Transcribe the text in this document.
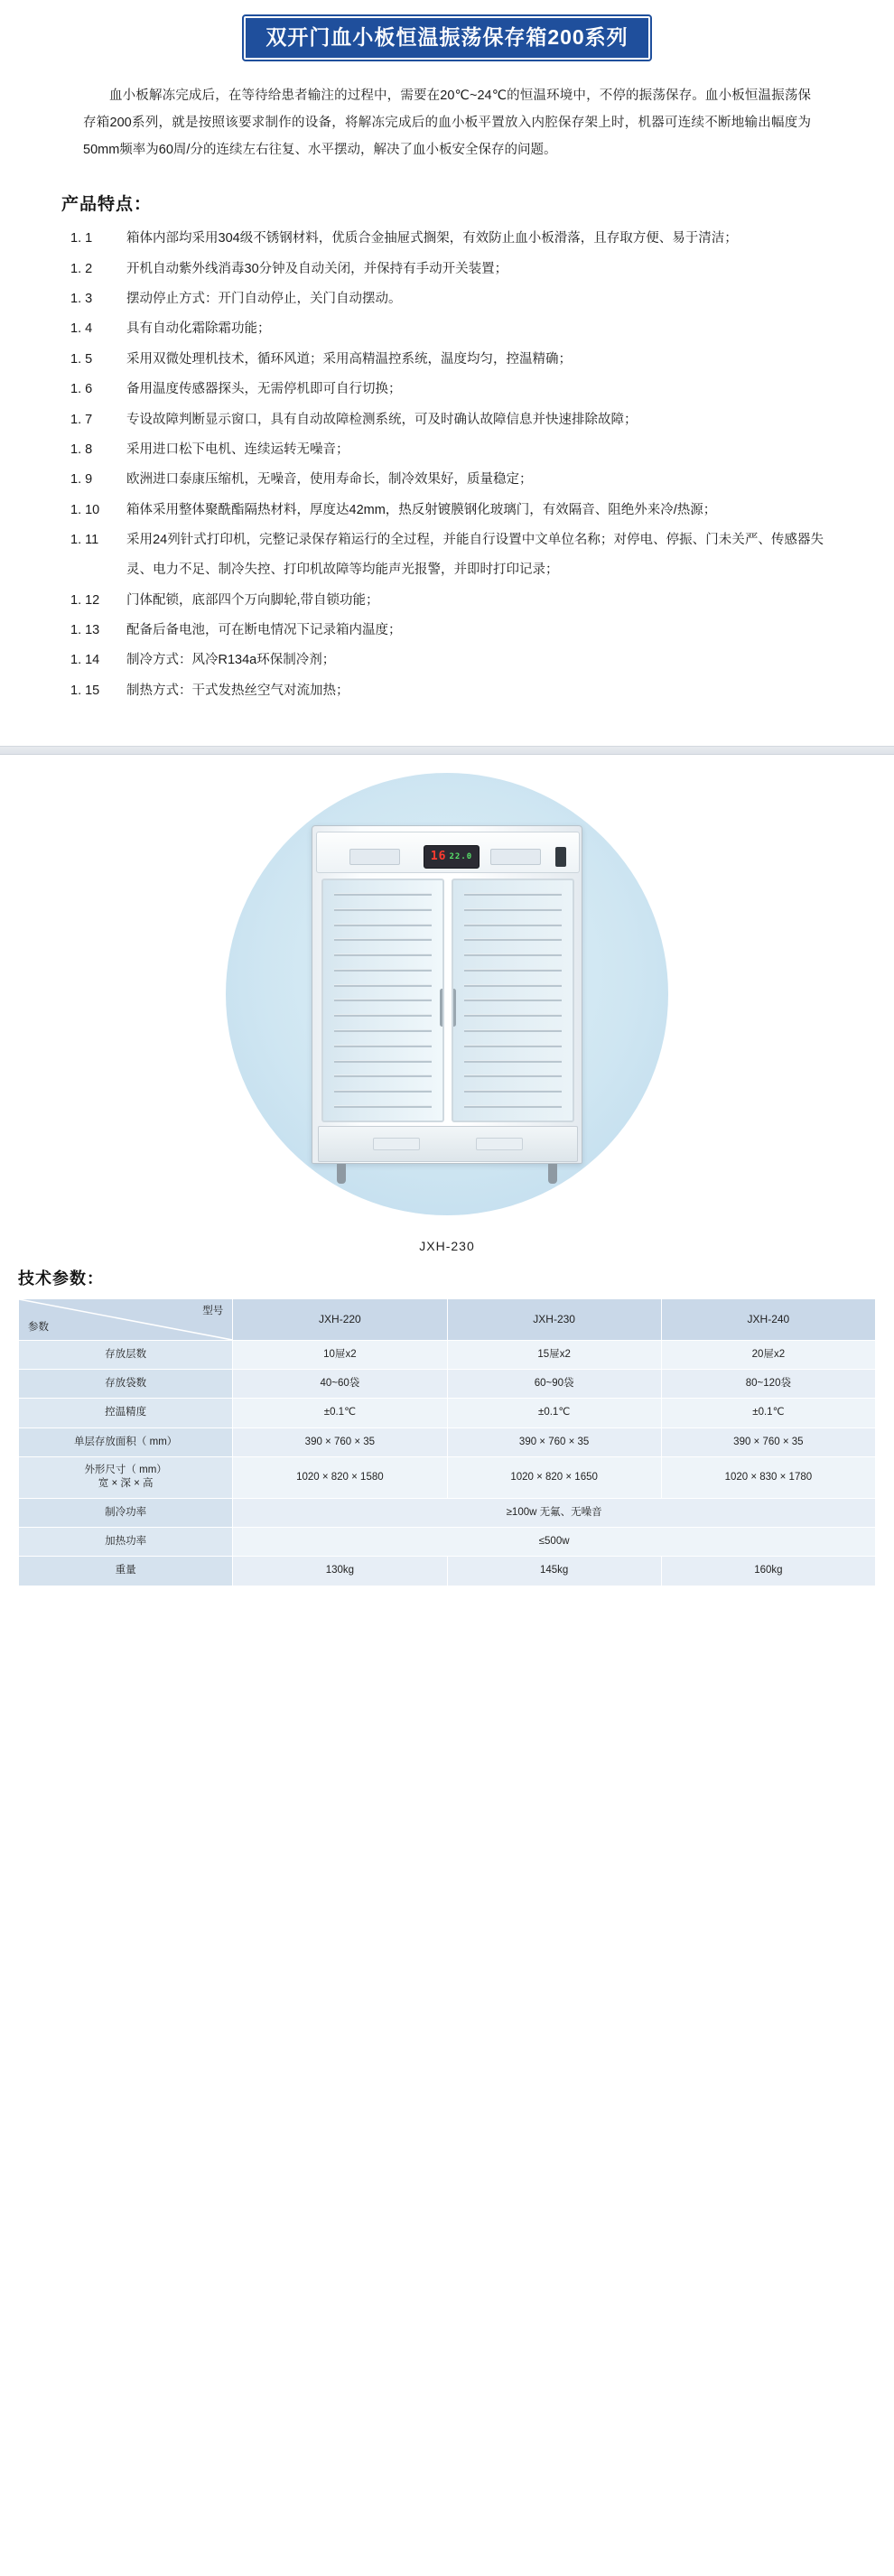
双开门血小板恒温振荡保存箱200系列

血小板解冻完成后，在等待给患者输注的过程中，需要在20℃~24℃的恒温环境中，不停的振荡保存。血小板恒温振荡保存箱200系列，就是按照该要求制作的设备，将解冻完成后的血小板平置放入内腔保存架上时，机器可连续不断地输出幅度为50mm频率为60周/分的连续左右往复、水平摆动，解决了血小板安全保存的问题。

产品特点：
1. 1	箱体内部均采用304级不锈钢材料，优质合金抽屉式搁架，有效防止血小板滑落，且存取方便、易于清洁；
1. 2	开机自动紫外线消毒30分钟及自动关闭，并保持有手动开关装置；
1. 3	摆动停止方式：开门自动停止，关门自动摆动。
1. 4	具有自动化霜除霜功能；
1. 5	采用双微处理机技术，循环风道；采用高精温控系统，温度均匀，控温精确；
1. 6	备用温度传感器探头，无需停机即可自行切换；
1. 7	专设故障判断显示窗口，具有自动故障检测系统，可及时确认故障信息并快速排除故障；
1. 8	采用进口松下电机、连续运转无噪音；
1. 9	欧洲进口泰康压缩机，无噪音，使用寿命长，制冷效果好，质量稳定；
1. 10	箱体采用整体聚酰酯隔热材料，厚度达42mm，热反射镀膜钢化玻璃门，有效隔音、阻绝外来冷/热源；
1. 11	采用24列针式打印机，完整记录保存箱运行的全过程，并能自行设置中文单位名称；对停电、停振、门未关严、传感器失灵、电力不足、制冷失控、打印机故障等均能声光报警，并即时打印记录；
1. 12	门体配锁，底部四个万向脚轮,带自锁功能；
1. 13	配备后备电池，可在断电情况下记录箱内温度；
1. 14	制冷方式：风冷R134a环保制冷剂；
1. 15	制热方式：干式发热丝空气对流加热；
16 22.0
JXH-230
技术参数：
型号
参数	JXH-220	JXH-230	JXH-240

存放层数	10屉x2	15屉x2	20屉x2

存放袋数	40~60袋	60~90袋	80~120袋

控温精度	±0.1℃	±0.1℃	±0.1℃

单层存放面积（ mm）	390 × 760 × 35	390 × 760 × 35	390 × 760 × 35

外形尺寸（ mm）
宽 × 深 × 高	1020 × 820 × 1580	1020 × 820 × 1650	1020 × 830 × 1780

制冷功率	≥100w 无氟、无噪音		

加热功率	≤500w		

重量	130kg	145kg	160kg
